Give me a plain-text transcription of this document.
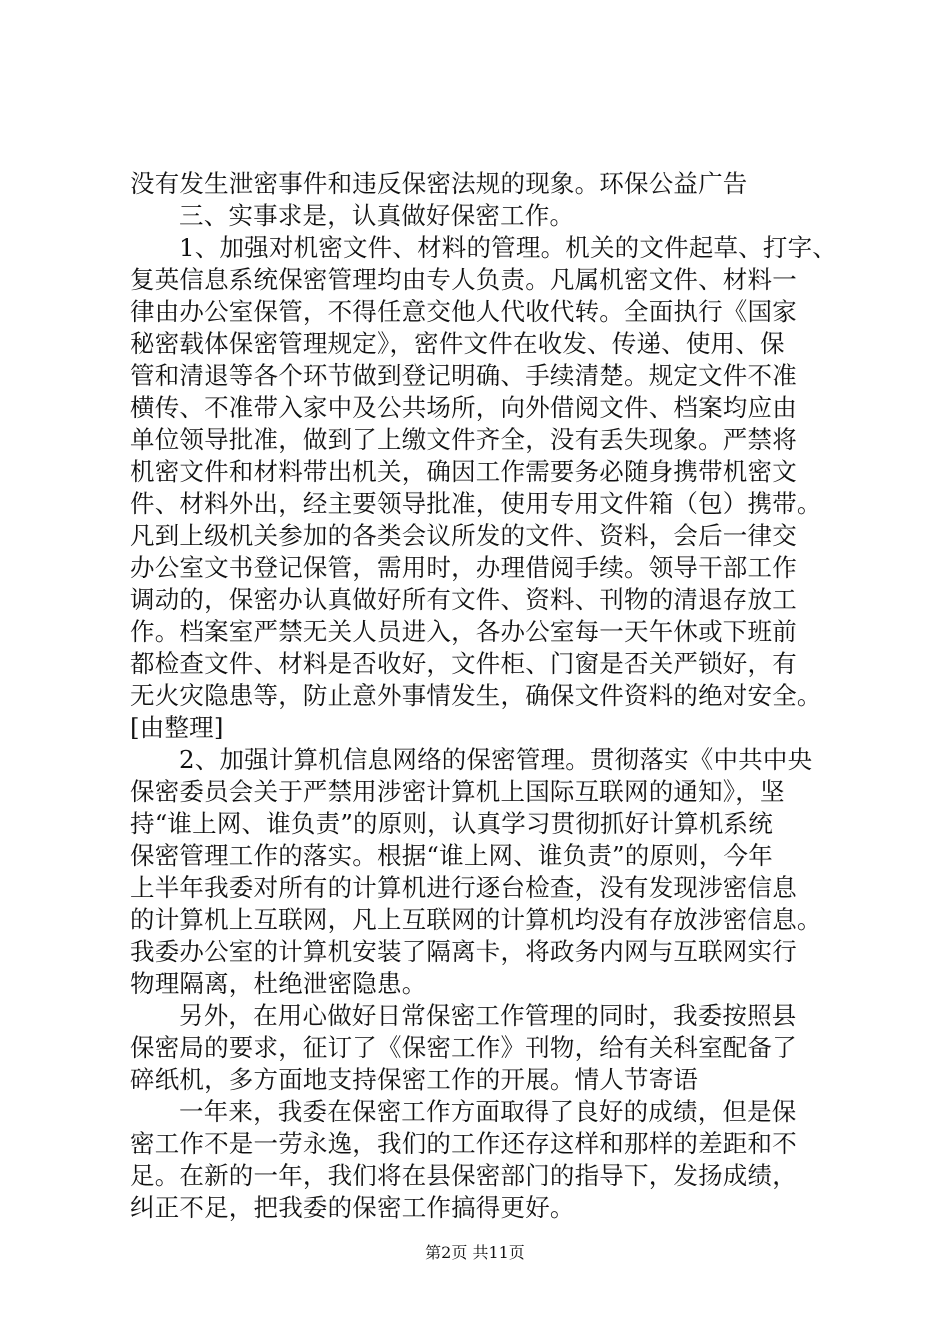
没有发生泄密事件和违反保密法规的现象。环保公益广告
三、实事求是，认真做好保密工作。
1、加强对机密文件、材料的管理。机关的文件起草、打字、
复英信息系统保密管理均由专人负责。凡属机密文件、材料一
律由办公室保管，不得任意交他人代收代转。全面执行《国家
秘密载体保密管理规定》，密件文件在收发、传递、使用、保
管和清退等各个环节做到登记明确、手续清楚。规定文件不准
横传、不准带入家中及公共场所，向外借阅文件、档案均应由
单位领导批准，做到了上缴文件齐全，没有丢失现象。严禁将
机密文件和材料带出机关，确因工作需要务必随身携带机密文
件、材料外出，经主要领导批准，使用专用文件箱（包）携带。
凡到上级机关参加的各类会议所发的文件、资料，会后一律交
办公室文书登记保管，需用时，办理借阅手续。领导干部工作
调动的，保密办认真做好所有文件、资料、刊物的清退存放工
作。档案室严禁无关人员进入，各办公室每一天午休或下班前
都检查文件、材料是否收好，文件柜、门窗是否关严锁好，有
无火灾隐患等，防止意外事情发生，确保文件资料的绝对安全。
[由整理]
2、加强计算机信息网络的保密管理。贯彻落实《中共中央
保密委员会关于严禁用涉密计算机上国际互联网的通知》，坚
持“谁上网、谁负责”的原则，认真学习贯彻抓好计算机系统
保密管理工作的落实。根据“谁上网、谁负责”的原则，今年
上半年我委对所有的计算机进行逐台检查，没有发现涉密信息
的计算机上互联网，凡上互联网的计算机均没有存放涉密信息。
我委办公室的计算机安装了隔离卡，将政务内网与互联网实行
物理隔离，杜绝泄密隐患。
另外，在用心做好日常保密工作管理的同时，我委按照县
保密局的要求，征订了《保密工作》刊物，给有关科室配备了
碎纸机，多方面地支持保密工作的开展。情人节寄语
一年来，我委在保密工作方面取得了良好的成绩，但是保
密工作不是一劳永逸，我们的工作还存这样和那样的差距和不
足。在新的一年，我们将在县保密部门的指导下，发扬成绩，
纠正不足，把我委的保密工作搞得更好。
第2页 共11页
